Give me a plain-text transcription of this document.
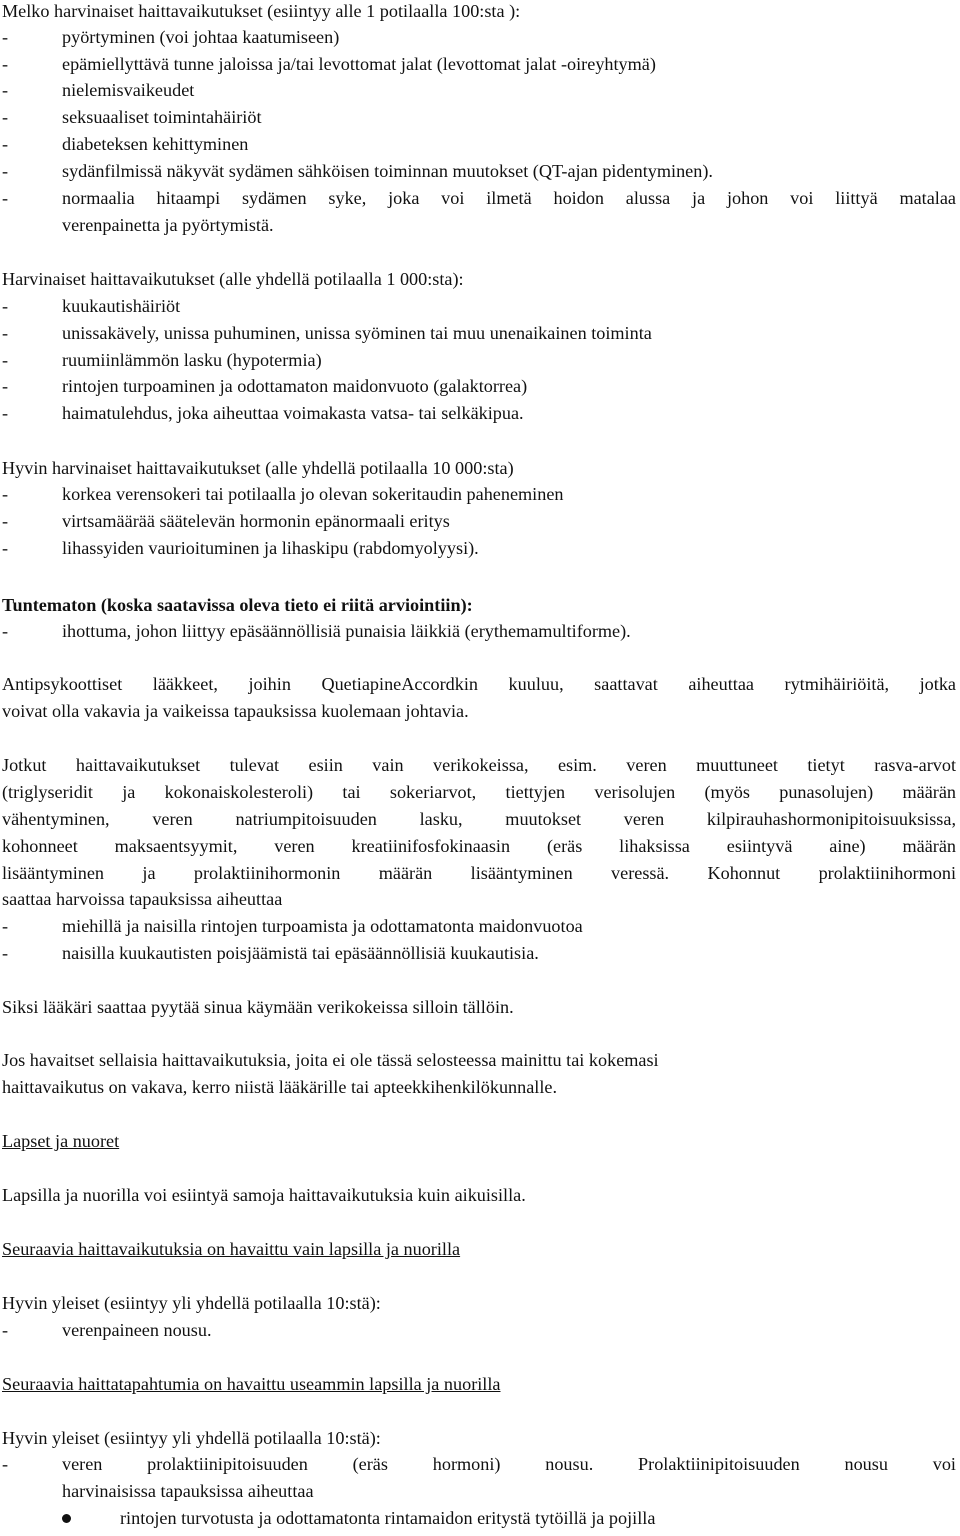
Melko harvinaiset haittavaikutukset (esiintyy alle 1 potilaalla 100:sta ):
-	pyörtyminen (voi johtaa kaatumiseen)
-	epämiellyttävä tunne jaloissa ja/tai levottomat jalat (levottomat jalat -oireyhtymä)
-	nielemisvaikeudet
-	seksuaaliset toimintahäiriöt
-	diabeteksen kehittyminen
-	sydänfilmissä näkyvät sydämen sähköisen toiminnan muutokset (QT-ajan pidentyminen).
-	normaalia hitaampi sydämen syke, joka voi ilmetä hoidon alussa ja johon voi liittyä matalaa
verenpainetta ja pyörtymistä.
Harvinaiset haittavaikutukset (alle yhdellä potilaalla 1 000:sta):
-	kuukautishäiriöt
-	unissakävely, unissa puhuminen, unissa syöminen tai muu unenaikainen toiminta
-	ruumiinlämmön lasku (hypotermia)
-	rintojen turpoaminen ja odottamaton maidonvuoto (galaktorrea)
-	haimatulehdus, joka aiheuttaa voimakasta vatsa- tai selkäkipua.
Hyvin harvinaiset haittavaikutukset (alle yhdellä potilaalla 10 000:sta)
-	korkea verensokeri tai potilaalla jo olevan sokeritaudin paheneminen
-	virtsamäärää säätelevän hormonin epänormaali eritys
-	lihassyiden vaurioituminen ja lihaskipu (rabdomyolyysi).
Tuntematon (koska saatavissa oleva tieto ei riitä arviointiin):
-	ihottuma, johon liittyy epäsäännöllisiä punaisia läikkiä (erythemamultiforme).
Antipsykoottiset lääkkeet, joihin QuetiapineAccordkin kuuluu, saattavat aiheuttaa rytmihäiriöitä, jotka
voivat olla vakavia ja vaikeissa tapauksissa kuolemaan johtavia.
Jotkut haittavaikutukset tulevat esiin vain verikokeissa, esim. veren muuttuneet tietyt rasva-arvot
(triglyseridit ja kokonaiskolesteroli) tai sokeriarvot, tiettyjen verisolujen (myös punasolujen) määrän
vähentyminen, veren natriumpitoisuuden lasku, muutokset veren kilpirauhashormonipitoisuuksissa,
kohonneet maksaentsyymit, veren kreatiinifosfokinaasin (eräs lihaksissa esiintyvä aine) määrän
lisääntyminen ja prolaktiinihormonin määrän lisääntyminen veressä. Kohonnut prolaktiinihormoni
saattaa harvoissa tapauksissa aiheuttaa
-	miehillä ja naisilla rintojen turpoamista ja odottamatonta maidonvuotoa
-	naisilla kuukautisten poisjäämistä tai epäsäännöllisiä kuukautisia.
Siksi lääkäri saattaa pyytää sinua käymään verikokeissa silloin tällöin.
Jos havaitset sellaisia haittavaikutuksia, joita ei ole tässä selosteessa mainittu tai kokemasi
haittavaikutus on vakava, kerro niistä lääkärille tai apteekkihenkilökunnalle.
Lapset ja nuoret
Lapsilla ja nuorilla voi esiintyä samoja haittavaikutuksia kuin aikuisilla.
Seuraavia haittavaikutuksia on havaittu vain lapsilla ja nuorilla
Hyvin yleiset (esiintyy yli yhdellä potilaalla 10:stä):
-	verenpaineen nousu.
Seuraavia haittatapahtumia on havaittu useammin lapsilla ja nuorilla
Hyvin yleiset (esiintyy yli yhdellä potilaalla 10:stä):
-	veren prolaktiinipitoisuuden (eräs hormoni) nousu. Prolaktiinipitoisuuden nousu voi
harvinaisissa tapauksissa aiheuttaa
rintojen turvotusta ja odottamatonta rintamaidon eritystä tytöillä ja pojilla
